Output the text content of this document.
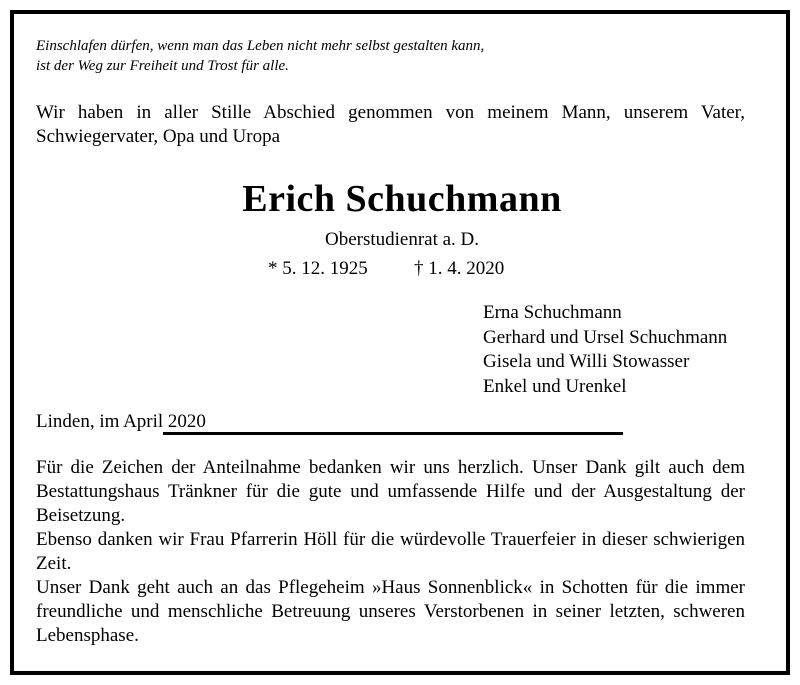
Einschlafen dürfen, wenn man das Leben nicht mehr selbst gestalten kann,
ist der Weg zur Freiheit und Trost für alle.
Wir haben in aller Stille Abschied genommen von meinem Mann, unserem Vater, Schwiegervater, Opa und Uropa
Erich Schuchmann
Oberstudienrat a. D.
* 5. 12. 1925 † 1. 4. 2020
Erna Schuchmann
Gerhard und Ursel Schuchmann
Gisela und Willi Stowasser
Enkel und Urenkel
Linden, im April 2020

Für die Zeichen der Anteilnahme bedanken wir uns herzlich. Unser Dank gilt auch dem Bestattungshaus Tränkner für die gute und umfassende Hilfe und der Ausgestaltung der Beisetzung.

Ebenso danken wir Frau Pfarrerin Höll für die würdevolle Trauerfeier in dieser schwierigen Zeit.

Unser Dank geht auch an das Pflegeheim »Haus Sonnenblick« in Schotten für die immer freundliche und menschliche Betreuung unseres Verstorbenen in seiner letzten, schweren Lebensphase.
